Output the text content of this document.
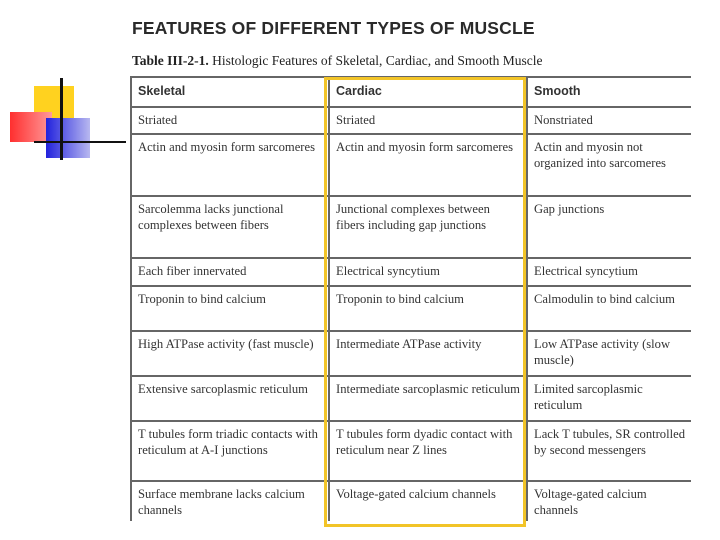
FEATURES OF DIFFERENT TYPES OF MUSCLE
Table III-2-1. Histologic Features of Skeletal, Cardiac, and Smooth Muscle
Skeletal	Cardiac	Smooth
Striated	Striated	Nonstriated
Actin and myosin form sarcomeres	Actin and myosin form sarcomeres	Actin and myosin not organized into sarcomeres
Sarcolemma lacks junctional complexes between fibers	Junctional complexes between fibers including gap junctions	Gap junctions
Each fiber innervated	Electrical syncytium	Electrical syncytium
Troponin to bind calcium	Troponin to bind calcium	Calmodulin to bind calcium
High ATPase activity (fast muscle)	Intermediate ATPase activity	Low ATPase activity (slow muscle)
Extensive sarcoplasmic reticulum	Intermediate sarcoplasmic reticulum	Limited sarcoplasmic reticulum
T tubules form triadic contacts with reticulum at A-I junctions	T tubules form dyadic contact with reticulum near Z lines	Lack T tubules, SR controlled by second messengers
Surface membrane lacks calcium channels	Voltage-gated calcium channels	Voltage-gated calcium channels
